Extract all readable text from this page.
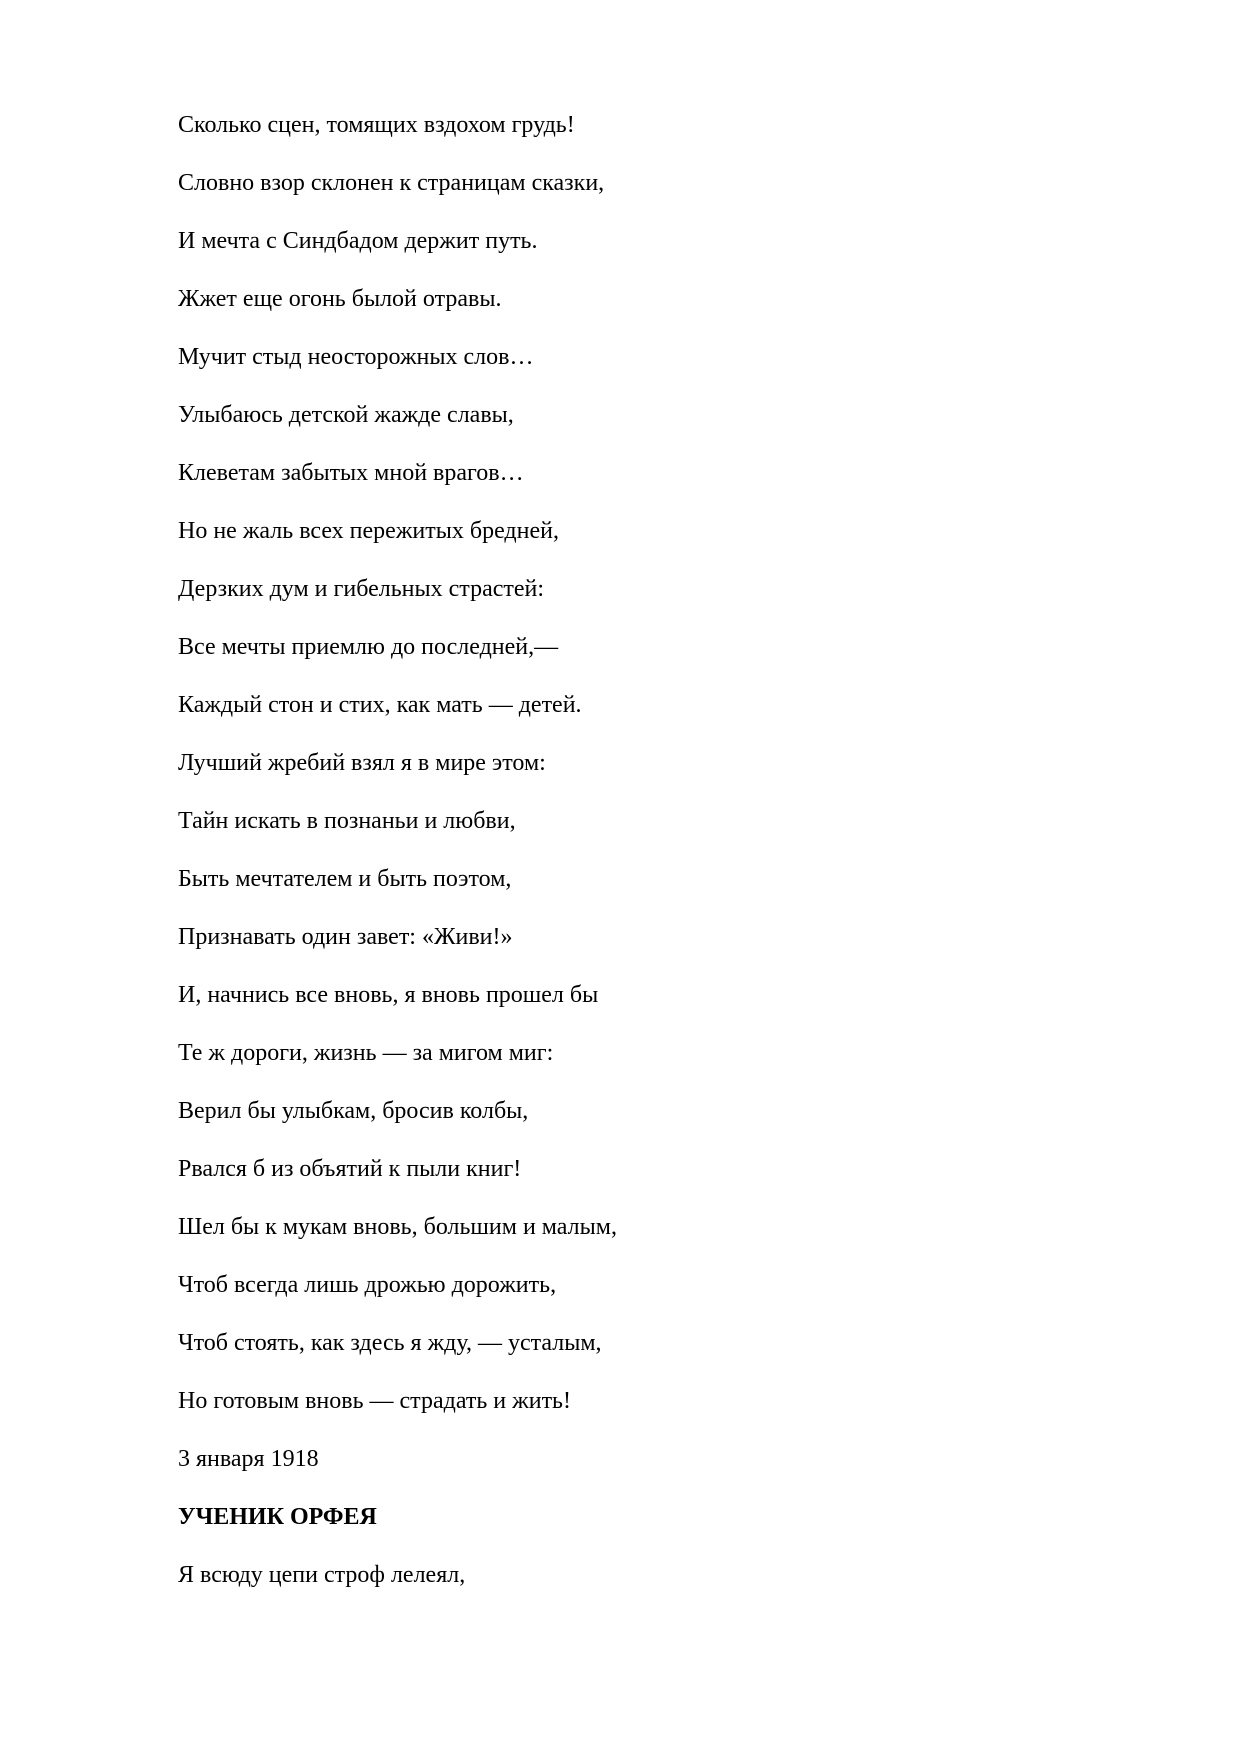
Сколько сцен, томящих вздохом грудь!
Словно взор склонен к страницам сказки,
И мечта с Синдбадом держит путь.
Жжет еще огонь былой отравы.
Мучит стыд неосторожных слов…
Улыбаюсь детской жажде славы,
Клеветам забытых мной врагов…
Но не жаль всех пережитых бредней,
Дерзких дум и гибельных страстей:
Все мечты приемлю до последней,—
Каждый стон и стих, как мать — детей.
Лучший жребий взял я в мире этом:
Тайн искать в познаньи и любви,
Быть мечтателем и быть поэтом,
Признавать один завет: «Живи!»
И, начнись все вновь, я вновь прошел бы
Те ж дороги, жизнь — за мигом миг:
Верил бы улыбкам, бросив колбы,
Рвался б из объятий к пыли книг!
Шел бы к мукам вновь, большим и малым,
Чтоб всегда лишь дрожью дорожить,
Чтоб стоять, как здесь я жду, — усталым,
Но готовым вновь — страдать и жить!
3 января 1918
УЧЕНИК ОРФЕЯ
Я всюду цепи строф лелеял,
